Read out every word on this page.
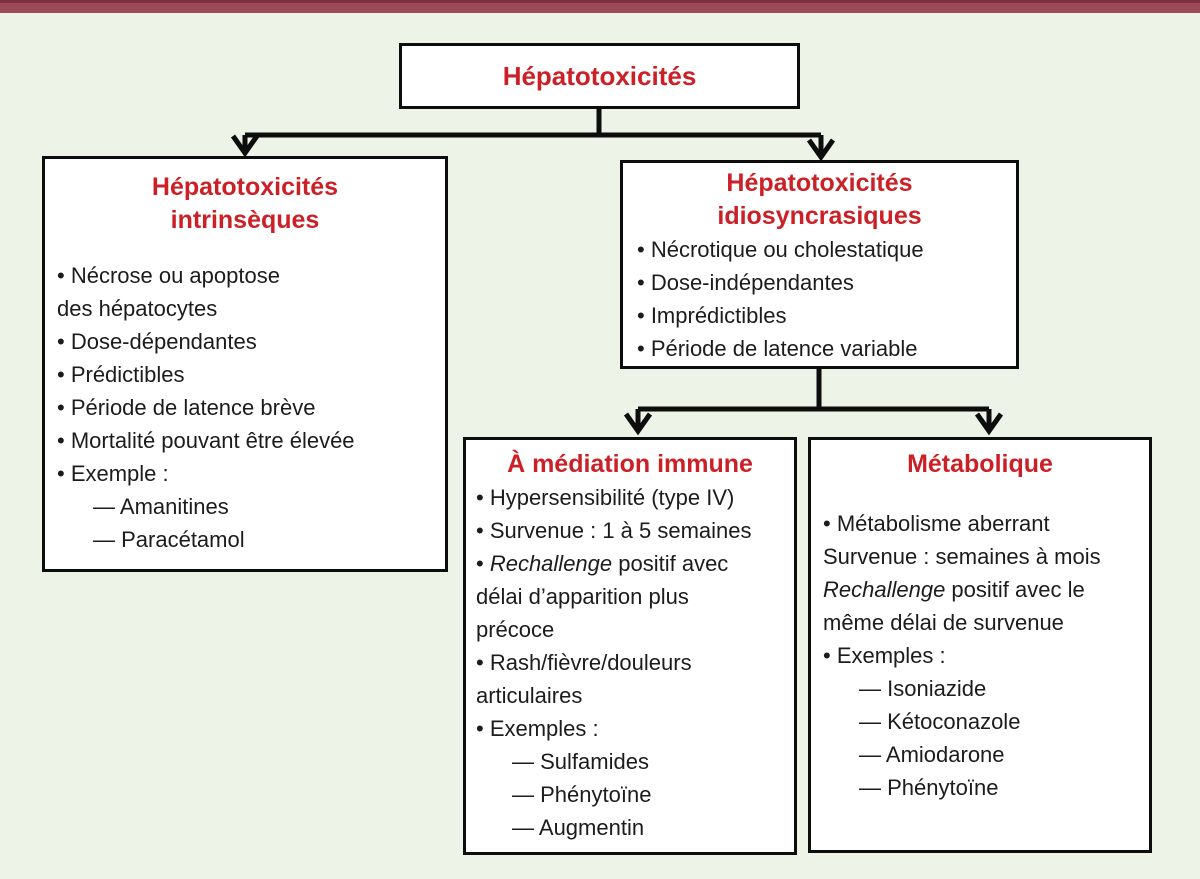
Hépatotoxicités
Hépatotoxicités
intrinsèques
• Nécrose ou apoptose
des hépatocytes
• Dose-dépendantes
• Prédictibles
• Période de latence brève
• Mortalité pouvant être élevée
• Exemple :
— Amanitines
— Paracétamol
Hépatotoxicités
idiosyncrasiques
• Nécrotique ou cholestatique
• Dose-indépendantes
• Imprédictibles
• Période de latence variable
À médiation immune
• Hypersensibilité (type IV)
• Survenue : 1 à 5 semaines
• Rechallenge positif avec
délai d’apparition plus
précoce
• Rash/fièvre/douleurs
articulaires
• Exemples :
— Sulfamides
— Phénytoïne
— Augmentin
Métabolique
• Métabolisme aberrant
Survenue : semaines à mois
Rechallenge positif avec le
même délai de survenue
• Exemples :
— Isoniazide
— Kétoconazole
— Amiodarone
— Phénytoïne
